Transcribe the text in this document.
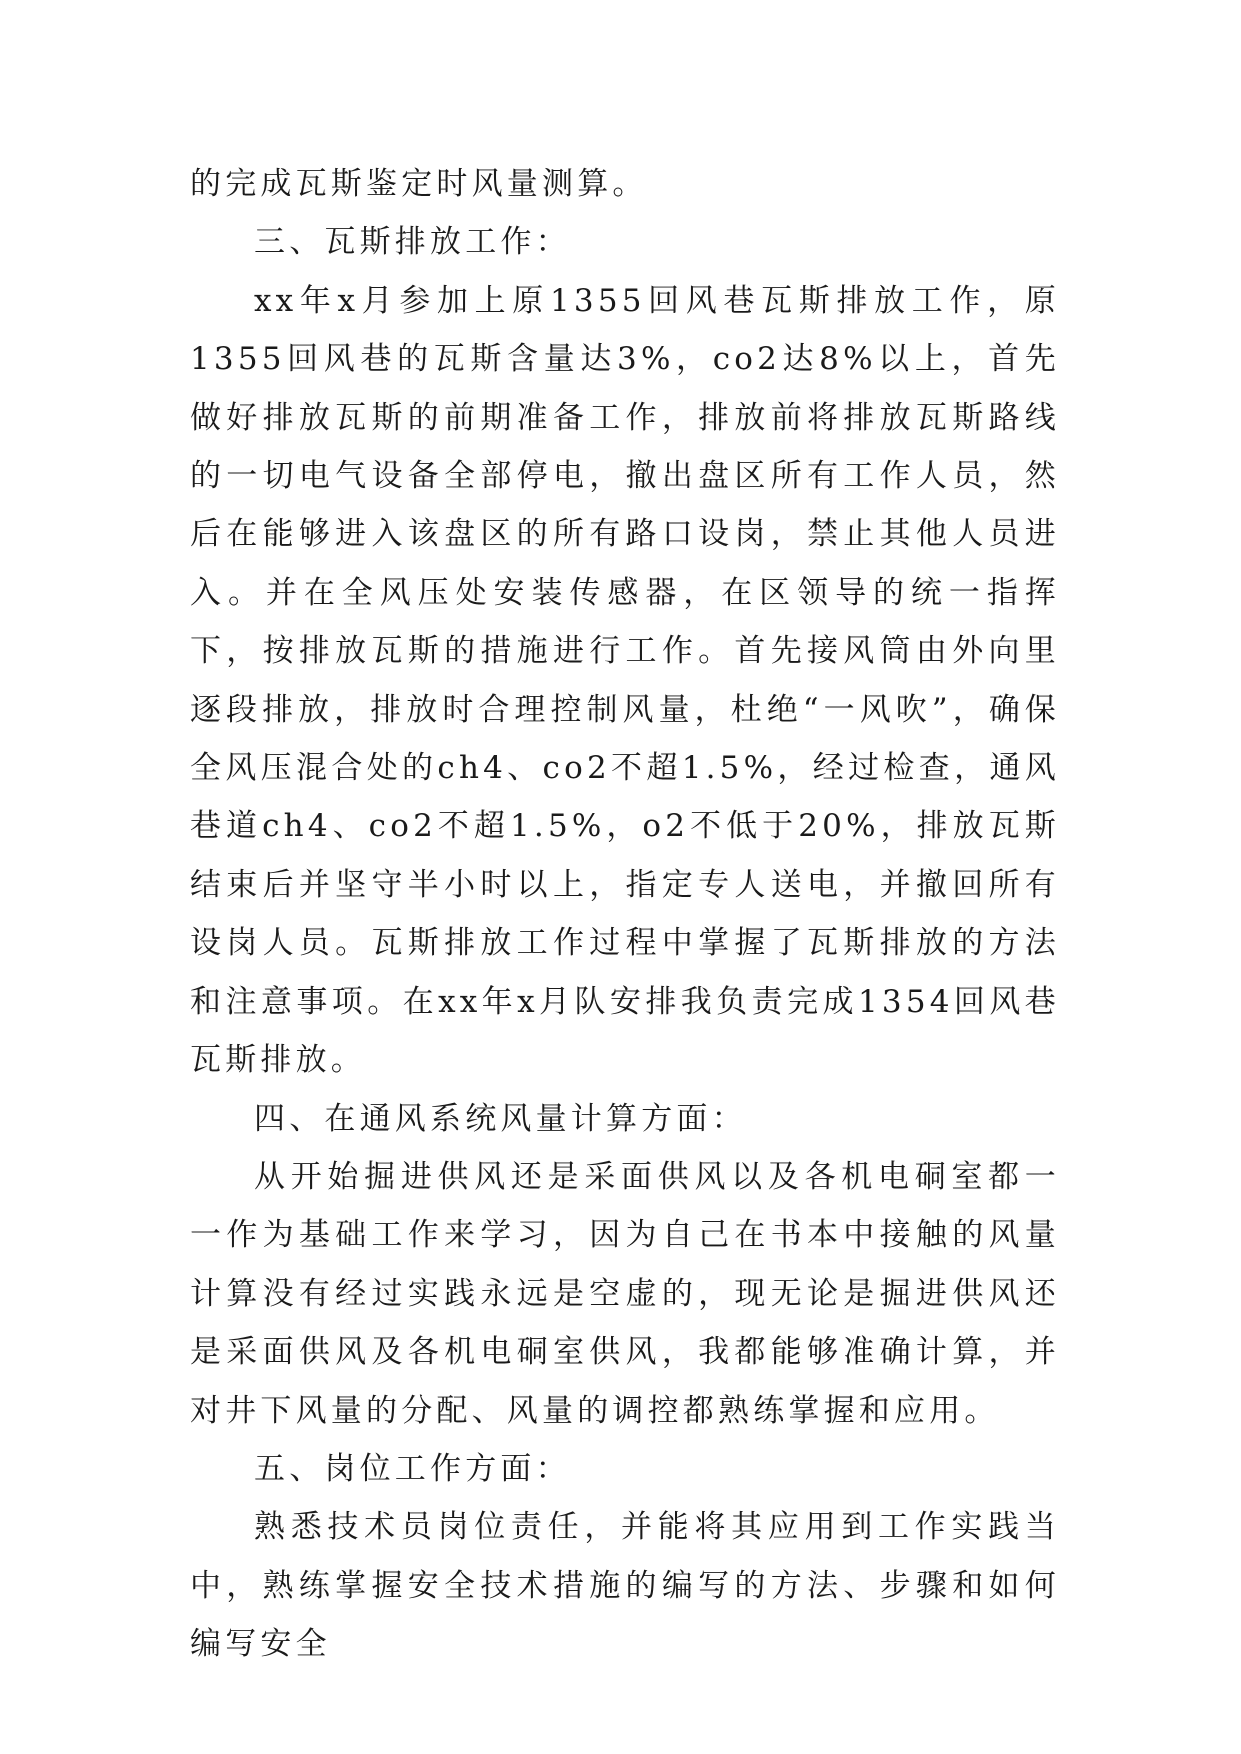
的完成瓦斯鉴定时风量测算。

三、瓦斯排放工作：

xx年x月参加上原1355回风巷瓦斯排放工作，原1355回风巷的瓦斯含量达3%，co2达8%以上，首先做好排放瓦斯的前期准备工作，排放前将排放瓦斯路线的一切电气设备全部停电，撤出盘区所有工作人员，然后在能够进入该盘区的所有路口设岗，禁止其他人员进入。并在全风压处安装传感器，在区领导的统一指挥下，按排放瓦斯的措施进行工作。首先接风筒由外向里逐段排放，排放时合理控制风量，杜绝“一风吹”，确保全风压混合处的ch4、co2不超1.5%，经过检查，通风巷道ch4、co2不超1.5%，o2不低于20%，排放瓦斯结束后并坚守半小时以上，指定专人送电，并撤回所有设岗人员。瓦斯排放工作过程中掌握了瓦斯排放的方法和注意事项。在xx年x月队安排我负责完成1354回风巷瓦斯排放。

四、在通风系统风量计算方面：

从开始掘进供风还是采面供风以及各机电硐室都一一作为基础工作来学习，因为自己在书本中接触的风量计算没有经过实践永远是空虚的，现无论是掘进供风还是采面供风及各机电硐室供风，我都能够准确计算，并对井下风量的分配、风量的调控都熟练掌握和应用。

五、岗位工作方面：

熟悉技术员岗位责任，并能将其应用到工作实践当中，熟练掌握安全技术措施的编写的方法、步骤和如何编写安全
